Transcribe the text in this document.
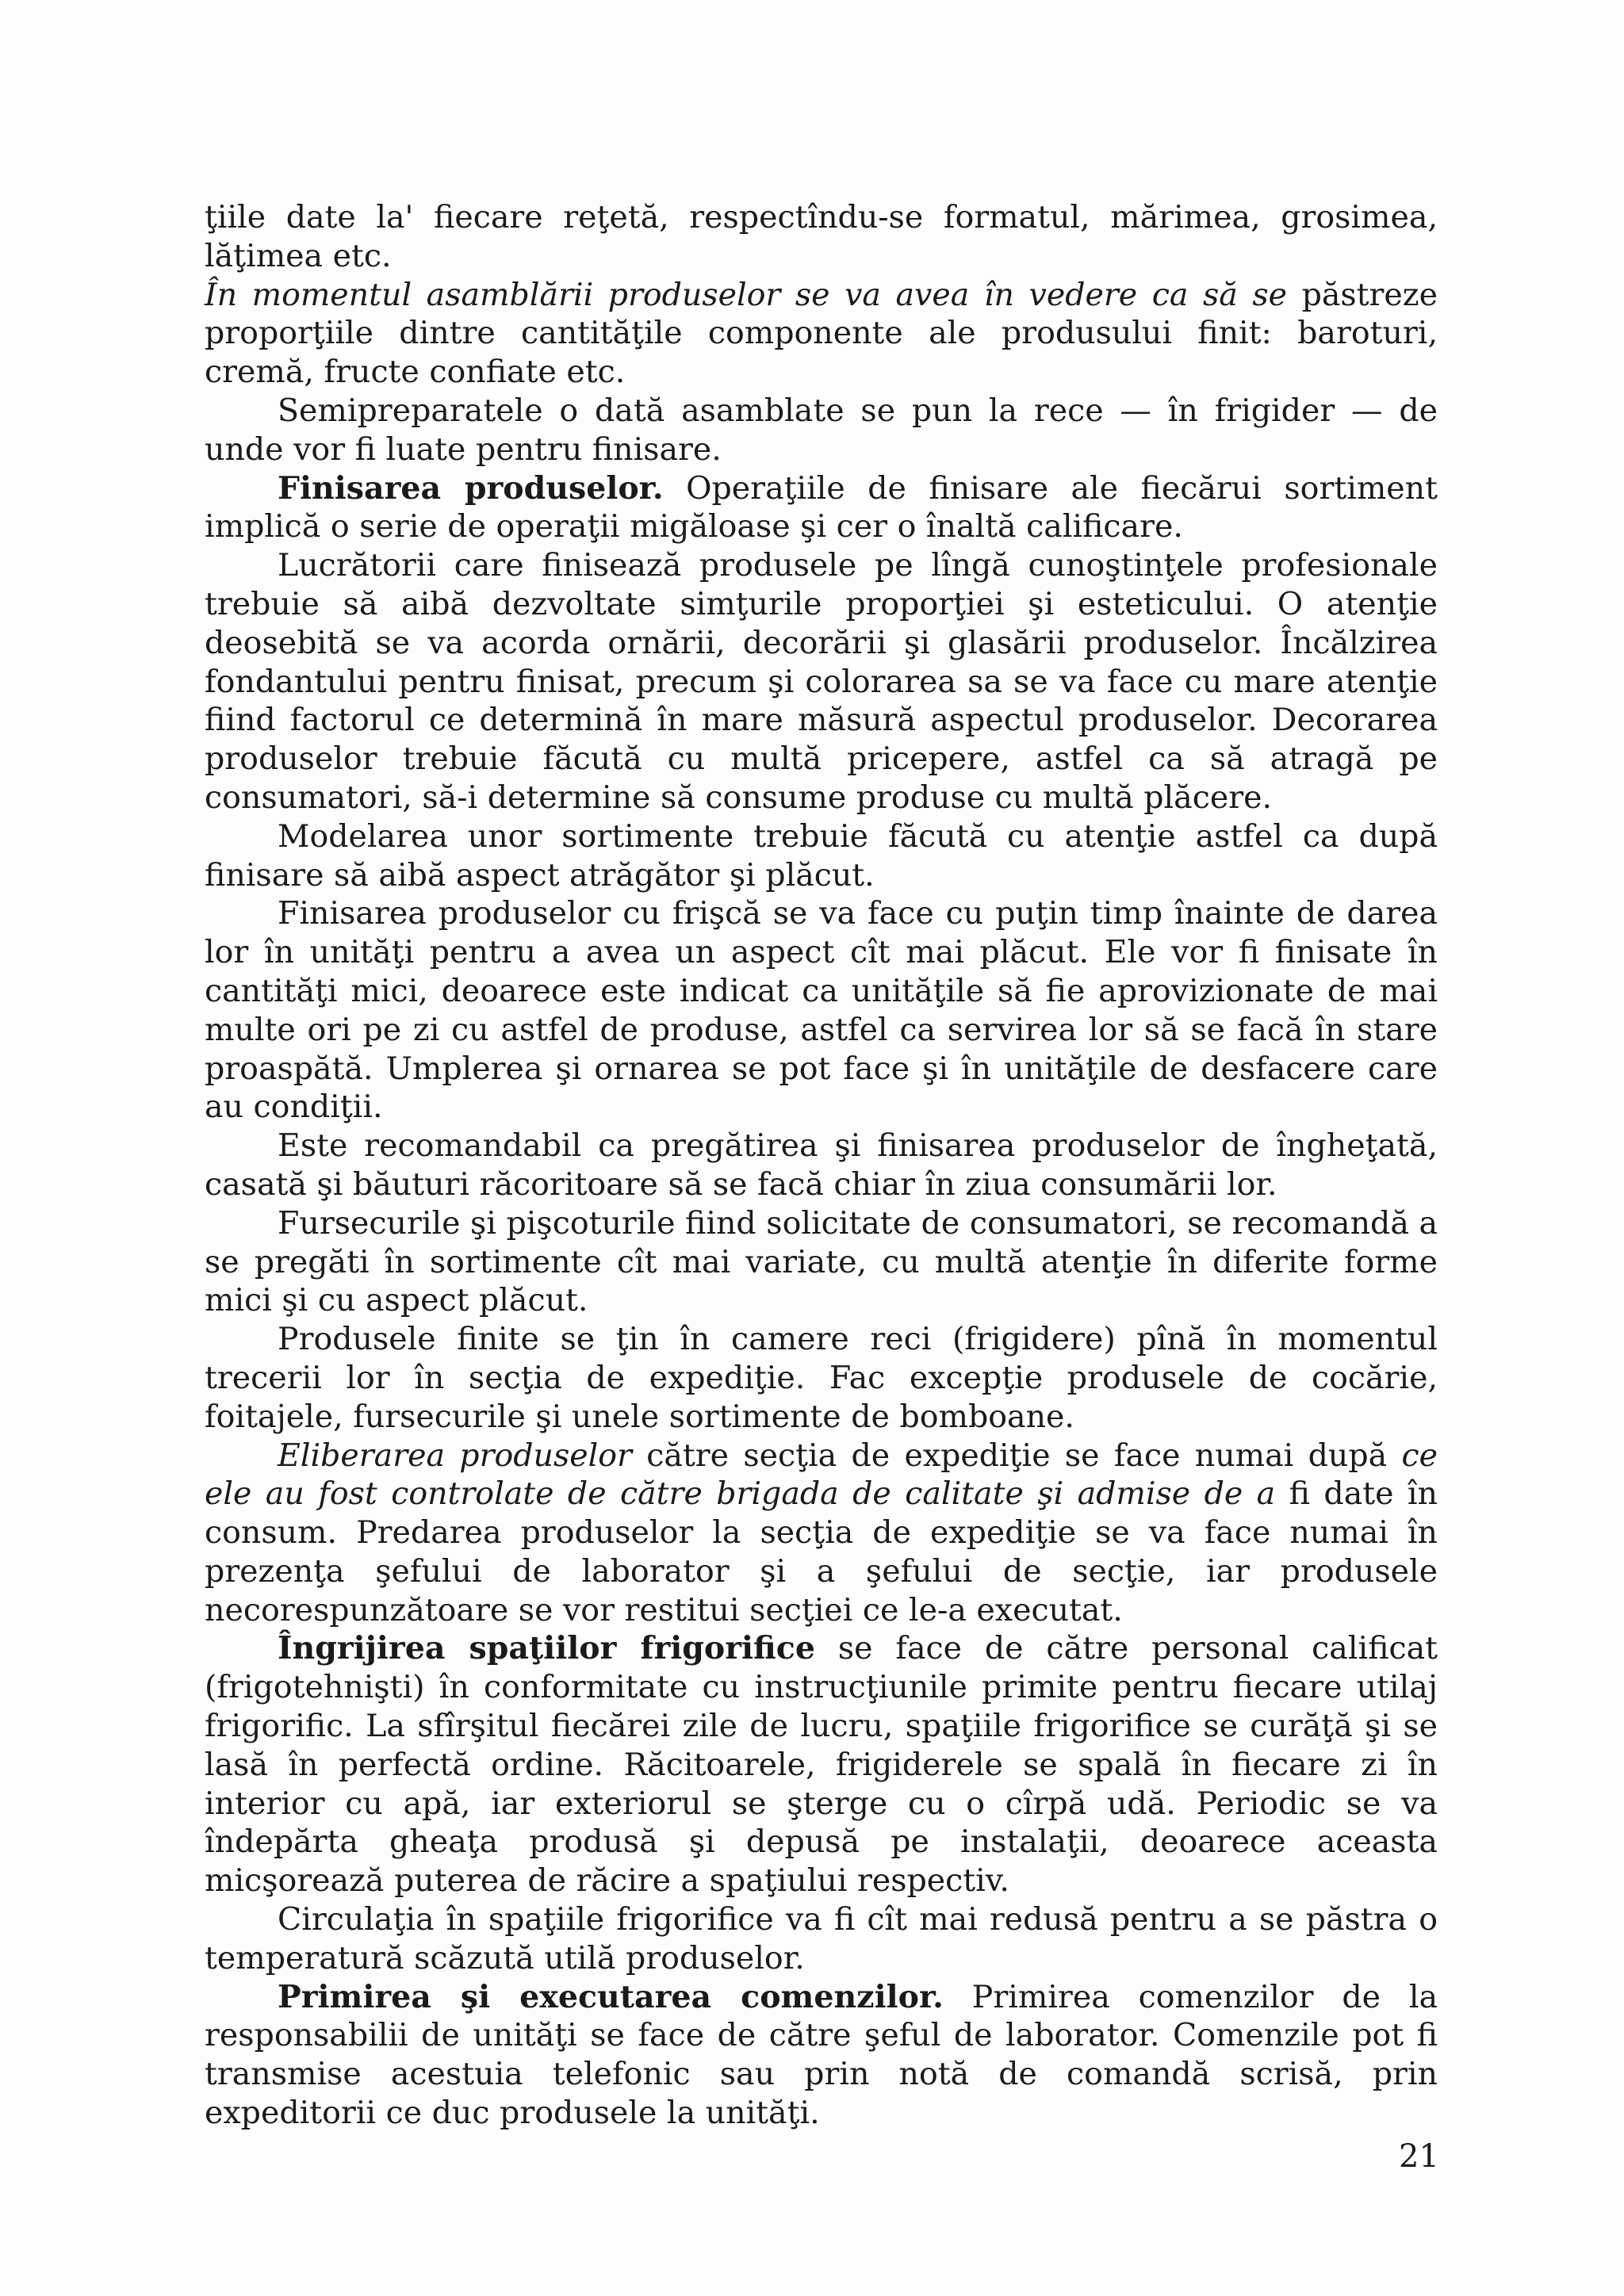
ţiile date la' fiecare reţetă, respectîndu-se formatul, mărimea, grosimea, lăţimea etc.

În momentul asamblării produselor se va avea în vedere ca să se păstreze proporţiile dintre cantităţile componente ale produsului finit: baroturi, cremă, fructe confiate etc.

Semipreparatele o dată asamblate se pun la rece — în frigider — de unde vor fi luate pentru finisare.

Finisarea produselor. Operaţiile de finisare ale fiecărui sortiment implică o serie de operaţii migăloase şi cer o înaltă calificare.

Lucrătorii care finisează produsele pe lîngă cunoştinţele profesionale trebuie să aibă dezvoltate simţurile proporţiei şi esteticului. O atenţie deosebită se va acorda ornării, decorării şi glasării produselor. Încălzirea fondantului pentru finisat, precum şi colorarea sa se va face cu mare atenţie fiind factorul ce determină în mare măsură aspectul produselor. Decorarea produselor trebuie făcută cu multă pricepere, astfel ca să atragă pe consumatori, să-i determine să consume produse cu multă plăcere.

Modelarea unor sortimente trebuie făcută cu atenţie astfel ca după finisare să aibă aspect atrăgător şi plăcut.

Finisarea produselor cu frişcă se va face cu puţin timp înainte de darea lor în unităţi pentru a avea un aspect cît mai plăcut. Ele vor fi finisate în cantităţi mici, deoarece este indicat ca unităţile să fie aprovizionate de mai multe ori pe zi cu astfel de produse, astfel ca servirea lor să se facă în stare proaspătă. Umplerea şi ornarea se pot face şi în unităţile de desfacere care au condiţii.

Este recomandabil ca pregătirea şi finisarea produselor de îngheţată, casată şi băuturi răcoritoare să se facă chiar în ziua consumării lor.

Fursecurile şi pişcoturile fiind solicitate de consumatori, se recomandă a se pregăti în sortimente cît mai variate, cu multă atenţie în diferite forme mici şi cu aspect plăcut.

Produsele finite se ţin în camere reci (frigidere) pînă în momentul trecerii lor în secţia de expediţie. Fac excepţie produsele de cocărie, foitajele, fursecurile şi unele sortimente de bomboane.

Eliberarea produselor către secţia de expediţie se face numai după ce ele au fost controlate de către brigada de calitate şi admise de a fi date în consum. Predarea produselor la secţia de expediţie se va face numai în prezenţa şefului de laborator şi a şefului de secţie, iar produsele necorespunzătoare se vor restitui secţiei ce le-a executat.

Îngrijirea spaţiilor frigorifice se face de către personal calificat (frigotehnişti) în conformitate cu instrucţiunile primite pentru fiecare utilaj frigorific. La sfîrşitul fiecărei zile de lucru, spaţiile frigorifice se curăţă şi se lasă în perfectă ordine. Răcitoarele, frigiderele se spală în fiecare zi în interior cu apă, iar exteriorul se şterge cu o cîrpă udă. Periodic se va îndepărta gheaţa produsă şi depusă pe instalaţii, deoarece aceasta micşorează puterea de răcire a spaţiului respectiv.

Circulaţia în spaţiile frigorifice va fi cît mai redusă pentru a se păstra o temperatură scăzută utilă produselor.

Primirea şi executarea comenzilor. Primirea comenzilor de la responsabilii de unităţi se face de către şeful de laborator. Comenzile pot fi transmise acestuia telefonic sau prin notă de comandă scrisă, prin expeditorii ce duc produsele la unităţi.

21
